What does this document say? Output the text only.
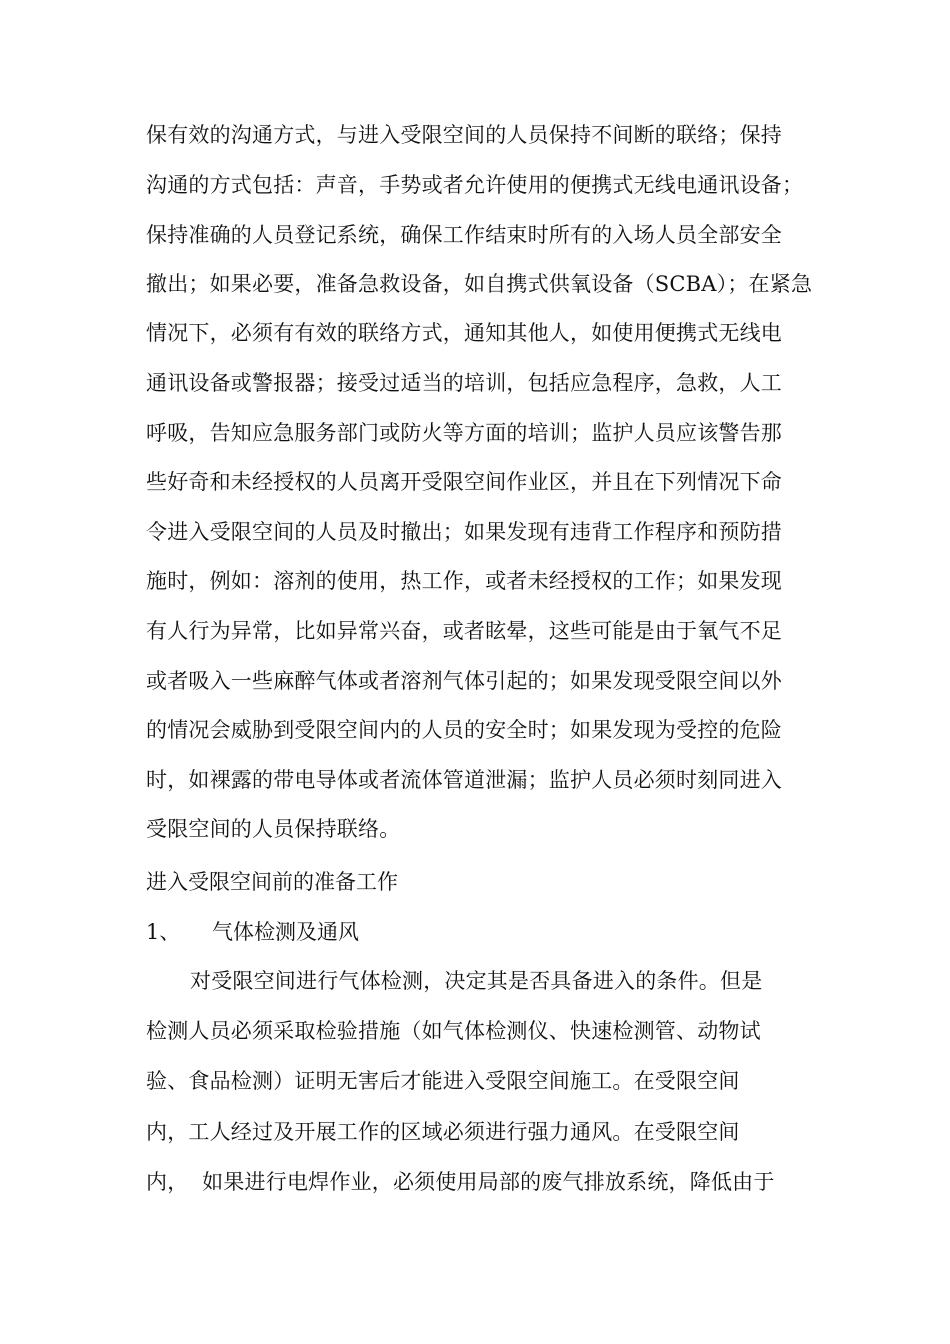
保有效的沟通方式，与进入受限空间的人员保持不间断的联络；保持
沟通的方式包括：声音，手势或者允许使用的便携式无线电通讯设备；
保持准确的人员登记系统，确保工作结束时所有的入场人员全部安全
撤出；如果必要，准备急救设备，如自携式供氧设备（SCBA）；在紧急
情况下，必须有有效的联络方式，通知其他人，如使用便携式无线电
通讯设备或警报器；接受过适当的培训，包括应急程序，急救，人工
呼吸，告知应急服务部门或防火等方面的培训；监护人员应该警告那
些好奇和未经授权的人员离开受限空间作业区，并且在下列情况下命
令进入受限空间的人员及时撤出；如果发现有违背工作程序和预防措
施时，例如：溶剂的使用，热工作，或者未经授权的工作；如果发现
有人行为异常，比如异常兴奋，或者眩晕，这些可能是由于氧气不足
或者吸入一些麻醉气体或者溶剂气体引起的；如果发现受限空间以外
的情况会威胁到受限空间内的人员的安全时；如果发现为受控的危险
时，如裸露的带电导体或者流体管道泄漏；监护人员必须时刻同进入
受限空间的人员保持联络。
进入受限空间前的准备工作
1、 气体检测及通风
对受限空间进行气体检测，决定其是否具备进入的条件。但是
检测人员必须采取检验措施（如气体检测仪、快速检测管、动物试
验、食品检测）证明无害后才能进入受限空间施工。在受限空间
内，工人经过及开展工作的区域必须进行强力通风。在受限空间
内，  如果进行电焊作业，必须使用局部的废气排放系统，降低由于
